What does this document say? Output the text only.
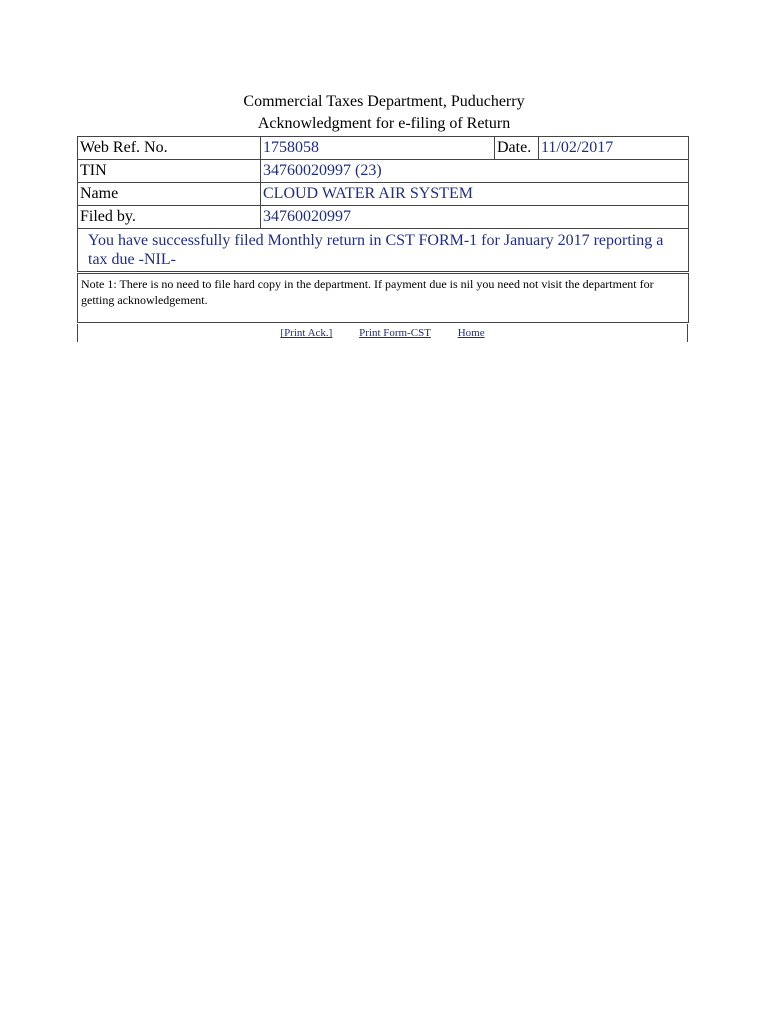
Commercial Taxes Department, Puducherry
Acknowledgment for e-filing of Return
Web Ref. No.	1758058	Date.	11/02/2017
TIN	34760020997 (23)		
Name	CLOUD WATER AIR SYSTEM		
Filed by.	34760020997		
You have successfully filed Monthly return in CST FORM-1 for January 2017 reporting a tax due -NIL-			
Note 1: There is no need to file hard copy in the department. If payment due is nil you need not visit the department for getting acknowledgement.			
[Print Ack.] Print Form-CST Home
